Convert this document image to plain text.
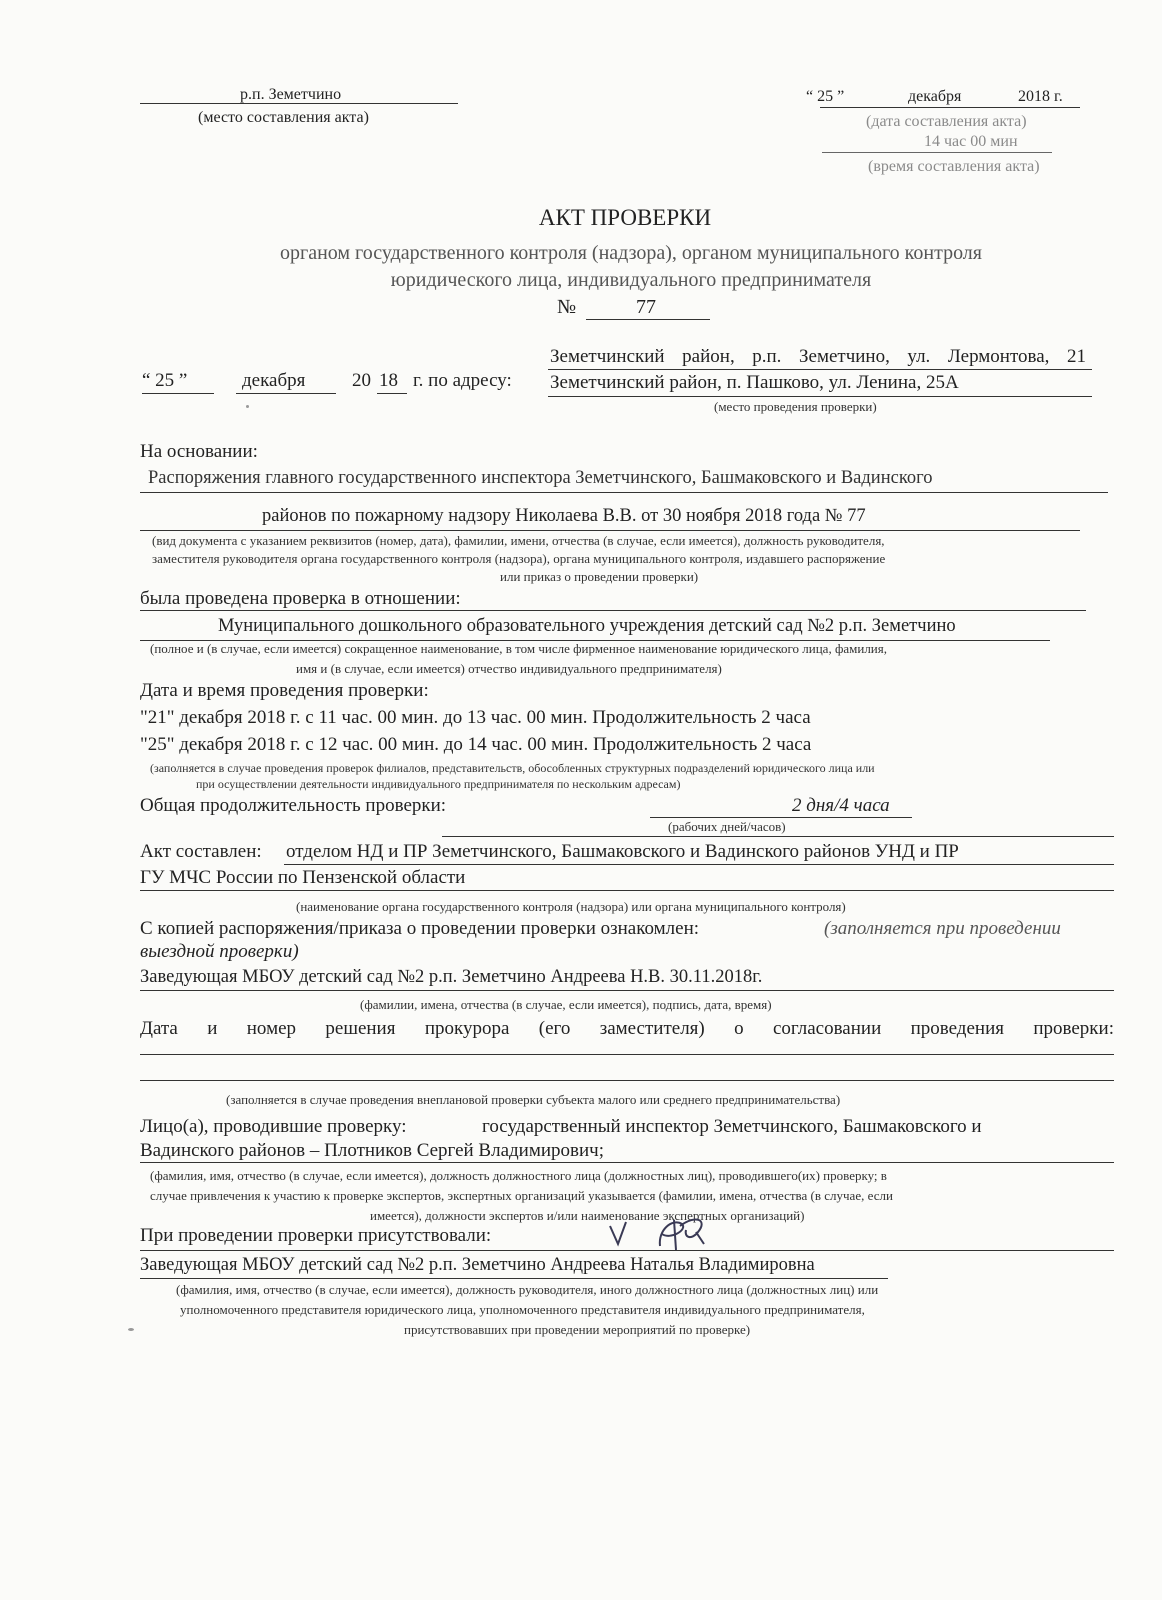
р.п. Земетчино
(место составления акта)
“ 25 ”	декабря	2018 г.
(дата составления акта)
14 час 00 мин
(время составления акта)
АКТ ПРОВЕРКИ
органом государственного контроля (надзора), органом муниципального контроля
юридического лица, индивидуального предпринимателя
№	77
“ 25 ”	декабря 20 18 г. по адресу:
Земетчинский район, р.п. Земетчино, ул. Лермонтова, 21
Земетчинский район, п. Пашково, ул. Ленина, 25А
(место проведения проверки)
На основании:
Распоряжения главного государственного инспектора Земетчинского, Башмаковского и Вадинского
районов по пожарному надзору Николаева В.В. от 30 ноября 2018 года № 77
(вид документа с указанием реквизитов (номер, дата), фамилии, имени, отчества (в случае, если имеется), должность руководителя,
заместителя руководителя органа государственного контроля (надзора), органа муниципального контроля, издавшего распоряжение
или приказ о проведении проверки)
была проведена проверка в отношении:
Муниципального дошкольного образовательного учреждения детский сад №2 р.п. Земетчино
(полное и (в случае, если имеется) сокращенное наименование, в том числе фирменное наименование юридического лица, фамилия,
имя и (в случае, если имеется) отчество индивидуального предпринимателя)
Дата и время проведения проверки:
"21" декабря 2018 г. с 11 час. 00 мин. до 13 час. 00 мин. Продолжительность 2 часа
"25" декабря 2018 г. с 12 час. 00 мин. до 14 час. 00 мин. Продолжительность 2 часа
(заполняется в случае проведения проверок филиалов, представительств, обособленных структурных подразделений юридического лица или
при осуществлении деятельности индивидуального предпринимателя по нескольким адресам)
Общая продолжительность проверки:	2 дня/4 часа
(рабочих дней/часов)
Акт составлен: отделом НД и ПР Земетчинского, Башмаковского и Вадинского районов УНД и ПР
ГУ МЧС России по Пензенской области
(наименование органа государственного контроля (надзора) или органа муниципального контроля)
С копией распоряжения/приказа о проведении проверки ознакомлен:	(заполняется при проведении
выездной проверки)
Заведующая МБОУ детский сад №2 р.п. Земетчино Андреева Н.В. 30.11.2018г.
(фамилии, имена, отчества (в случае, если имеется), подпись, дата, время)
Дата и номер решения прокурора (его заместителя) о согласовании проведения проверки:
(заполняется в случае проведения внеплановой проверки субъекта малого или среднего предпринимательства)
Лицо(а), проводившие проверку:	государственный инспектор Земетчинского, Башмаковского и
Вадинского районов – Плотников Сергей Владимирович;
(фамилия, имя, отчество (в случае, если имеется), должность должностного лица (должностных лиц), проводившего(их) проверку; в
случае привлечения к участию к проверке экспертов, экспертных организаций указывается (фамилии, имена, отчества (в случае, если
имеется), должности экспертов и/или наименование экспертных организаций)
При проведении проверки присутствовали:
Заведующая МБОУ детский сад №2 р.п. Земетчино Андреева Наталья Владимировна
(фамилия, имя, отчество (в случае, если имеется), должность руководителя, иного должностного лица (должностных лиц) или
уполномоченного представителя юридического лица, уполномоченного представителя индивидуального предпринимателя,
присутствовавших при проведении мероприятий по проверке)
